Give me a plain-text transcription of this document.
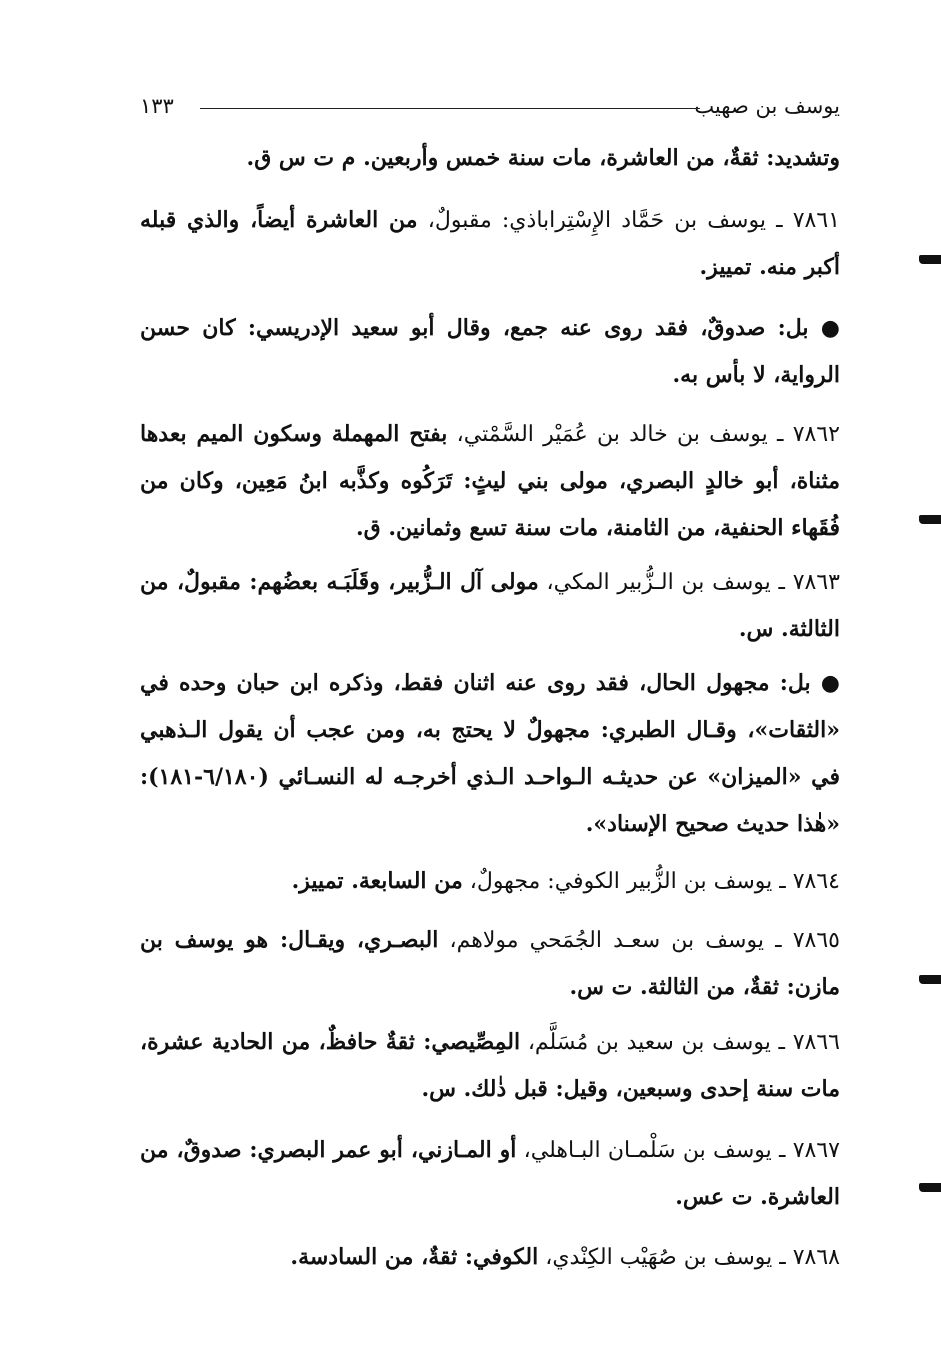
يوسف بن صهيب
١٣٣
وتشديد: ثقةٌ، من العاشرة، مات سنة خمس وأربعين. م ت س ق.
٧٨٦١ ـ يوسف بن حَمَّاد الإِسْتِراباذي: مقبولٌ، من العاشرة أيضاً، والذي قبله أكبر منه. تمييز.
● بل: صدوقٌ، فقد روى عنه جمع، وقال أبو سعيد الإدريسي: كان حسن الرواية، لا بأس به.
٧٨٦٢ ـ يوسف بن خالد بن عُمَيْر السَّمْتي، بفتح المهملة وسكون الميم بعدها مثناة، أبو خالدٍ البصري، مولى بني ليثٍ: تَرَكُوه وكذَّبه ابنُ مَعِين، وكان من فُقَهاء الحنفية، من الثامنة، مات سنة تسع وثمانين. ق.
٧٨٦٣ ـ يوسف بن الـزُّبير المكي، مولى آل الـزُّبير، وقَلَبَـه بعضُهم: مقبولٌ، من الثالثة. س.
● بل: مجهول الحال، فقد روى عنه اثنان فقط، وذكره ابن حبان وحده في «الثقات»، وقـال الطبري: مجهولٌ لا يحتج به، ومن عجب أن يقول الـذهبي في «الميزان» عن حديثـه الـواحـد الـذي أخرجـه له النسـائي (٦/١٨٠-١٨١): «هٰذا حديث صحيح الإسناد».
٧٨٦٤ ـ يوسف بن الزُّبير الكوفي: مجهولٌ، من السابعة. تمييز.
٧٨٦٥ ـ يوسف بن سعـد الجُمَحي مولاهم، البصـري، ويقـال: هو يوسف بن مازن: ثقةٌ، من الثالثة. ت س.
٧٨٦٦ ـ يوسف بن سعيد بن مُسَلَّم، المِصِّيصي: ثقةٌ حافظٌ، من الحادية عشرة، مات سنة إحدى وسبعين، وقيل: قبل ذٰلك. س.
٧٨٦٧ ـ يوسف بن سَلْمـان البـاهلي، أو المـازني، أبو عمر البصري: صدوقٌ، من العاشرة. ت عس.
٧٨٦٨ ـ يوسف بن صُهَيْب الكِنْدي، الكوفي: ثقةٌ، من السادسة.
